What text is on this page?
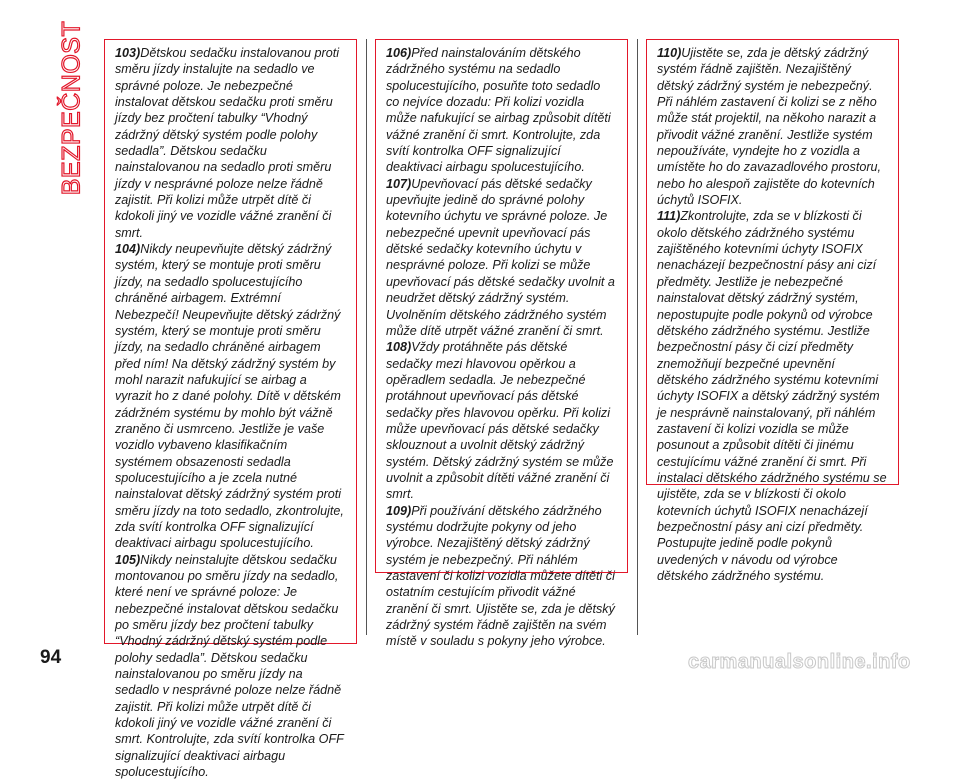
BEZPEČNOST 103)Dětskou sedačku instalovanou proti směru jízdy instalujte na sedadlo ve správné poloze. Je nebezpečné instalovat dětskou sedačku proti směru jízdy bez pročtení tabulky “Vhodný zádržný dětský systém podle polohy sedadla”. Dětskou sedačku nainstalovanou na sedadlo proti směru jízdy v nesprávné poloze nelze řádně zajistit. Při kolizi může utrpět dítě či kdokoli jiný ve vozidle vážné zranění či smrt.

104)Nikdy neupevňujte dětský zádržný systém, který se montuje proti směru jízdy, na sedadlo spolucestujícího chráněné airbagem. Extrémní Nebezpečí! Neupevňujte dětský zádržný systém, který se montuje proti směru jízdy, na sedadlo chráněné airbagem před ním! Na dětský zádržný systém by mohl narazit nafukující se airbag a vyrazit ho z dané polohy. Dítě v dětském zádržném systému by mohlo být vážně zraněno či usmrceno. Jestliže je vaše vozidlo vybaveno klasifikačním systémem obsazenosti sedadla spolucestujícího a je zcela nutné nainstalovat dětský zádržný systém proti směru jízdy na toto sedadlo, zkontrolujte, zda svítí kontrolka OFF signalizující deaktivaci airbagu spolucestujícího.

105)Nikdy neinstalujte dětskou sedačku montovanou po směru jízdy na sedadlo, které není ve správné poloze: Je nebezpečné instalovat dětskou sedačku po směru jízdy bez pročtení tabulky “Vhodný zádržný dětský systém podle polohy sedadla”. Dětskou sedačku nainstalovanou po směru jízdy na sedadlo v nesprávné poloze nelze řádně zajistit. Při kolizi může utrpět dítě či kdokoli jiný ve vozidle vážné zranění či smrt. Kontrolujte, zda svítí kontrolka OFF signalizující deaktivaci airbagu spolucestujícího.

106)Před nainstalováním dětského zádržného systému na sedadlo spolucestujícího, posuňte toto sedadlo co nejvíce dozadu: Při kolizi vozidla může nafukující se airbag způsobit dítěti vážné zranění či smrt. Kontrolujte, zda svítí kontrolka OFF signalizující deaktivaci airbagu spolucestujícího.

107)Upevňovací pás dětské sedačky upevňujte jedině do správné polohy kotevního úchytu ve správné poloze. Je nebezpečné upevnit upevňovací pás dětské sedačky kotevního úchytu v nesprávné poloze. Při kolizi se může upevňovací pás dětské sedačky uvolnit a neudržet dětský zádržný systém. Uvolněním dětského zádržného systém může dítě utrpět vážné zranění či smrt.

108)Vždy protáhněte pás dětské sedačky mezi hlavovou opěrkou a opěradlem sedadla. Je nebezpečné protáhnout upevňovací pás dětské sedačky přes hlavovou opěrku. Při kolizi může upevňovací pás dětské sedačky sklouznout a uvolnit dětský zádržný systém. Dětský zádržný systém se může uvolnit a způsobit dítěti vážné zranění či smrt.

109)Při používání dětského zádržného systému dodržujte pokyny od jeho výrobce. Nezajištěný dětský zádržný systém je nebezpečný. Při náhlém zastavení či kolizi vozidla můžete dítěti či ostatním cestujícím přivodit vážné zranění či smrt. Ujistěte se, zda je dětský zádržný systém řádně zajištěn na svém místě v souladu s pokyny jeho výrobce.

110)Ujistěte se, zda je dětský zádržný systém řádně zajištěn. Nezajištěný dětský zádržný systém je nebezpečný. Při náhlém zastavení či kolizi se z něho může stát projektil, na někoho narazit a přivodit vážné zranění. Jestliže systém nepoužíváte, vyndejte ho z vozidla a umístěte ho do zavazadlového prostoru, nebo ho alespoň zajistěte do kotevních úchytů ISOFIX.

111)Zkontrolujte, zda se v blízkosti či okolo dětského zádržného systému zajištěného kotevními úchyty ISOFIX nenacházejí bezpečnostní pásy ani cizí předměty. Jestliže je nebezpečné nainstalovat dětský zádržný systém, nepostupujte podle pokynů od výrobce dětského zádržného systému. Jestliže bezpečnostní pásy či cizí předměty znemožňují bezpečné upevnění dětského zádržného systému kotevními úchyty ISOFIX a dětský zádržný systém je nesprávně nainstalovaný, při náhlém zastavení či kolizi vozidla se může posunout a způsobit dítěti či jinému cestujícímu vážné zranění či smrt. Při instalaci dětského zádržného systému se ujistěte, zda se v blízkosti či okolo kotevních úchytů ISOFIX nenacházejí bezpečnostní pásy ani cizí předměty. Postupujte jedině podle pokynů uvedených v návodu od výrobce dětského zádržného systému.

94	carmanualsonline.info
